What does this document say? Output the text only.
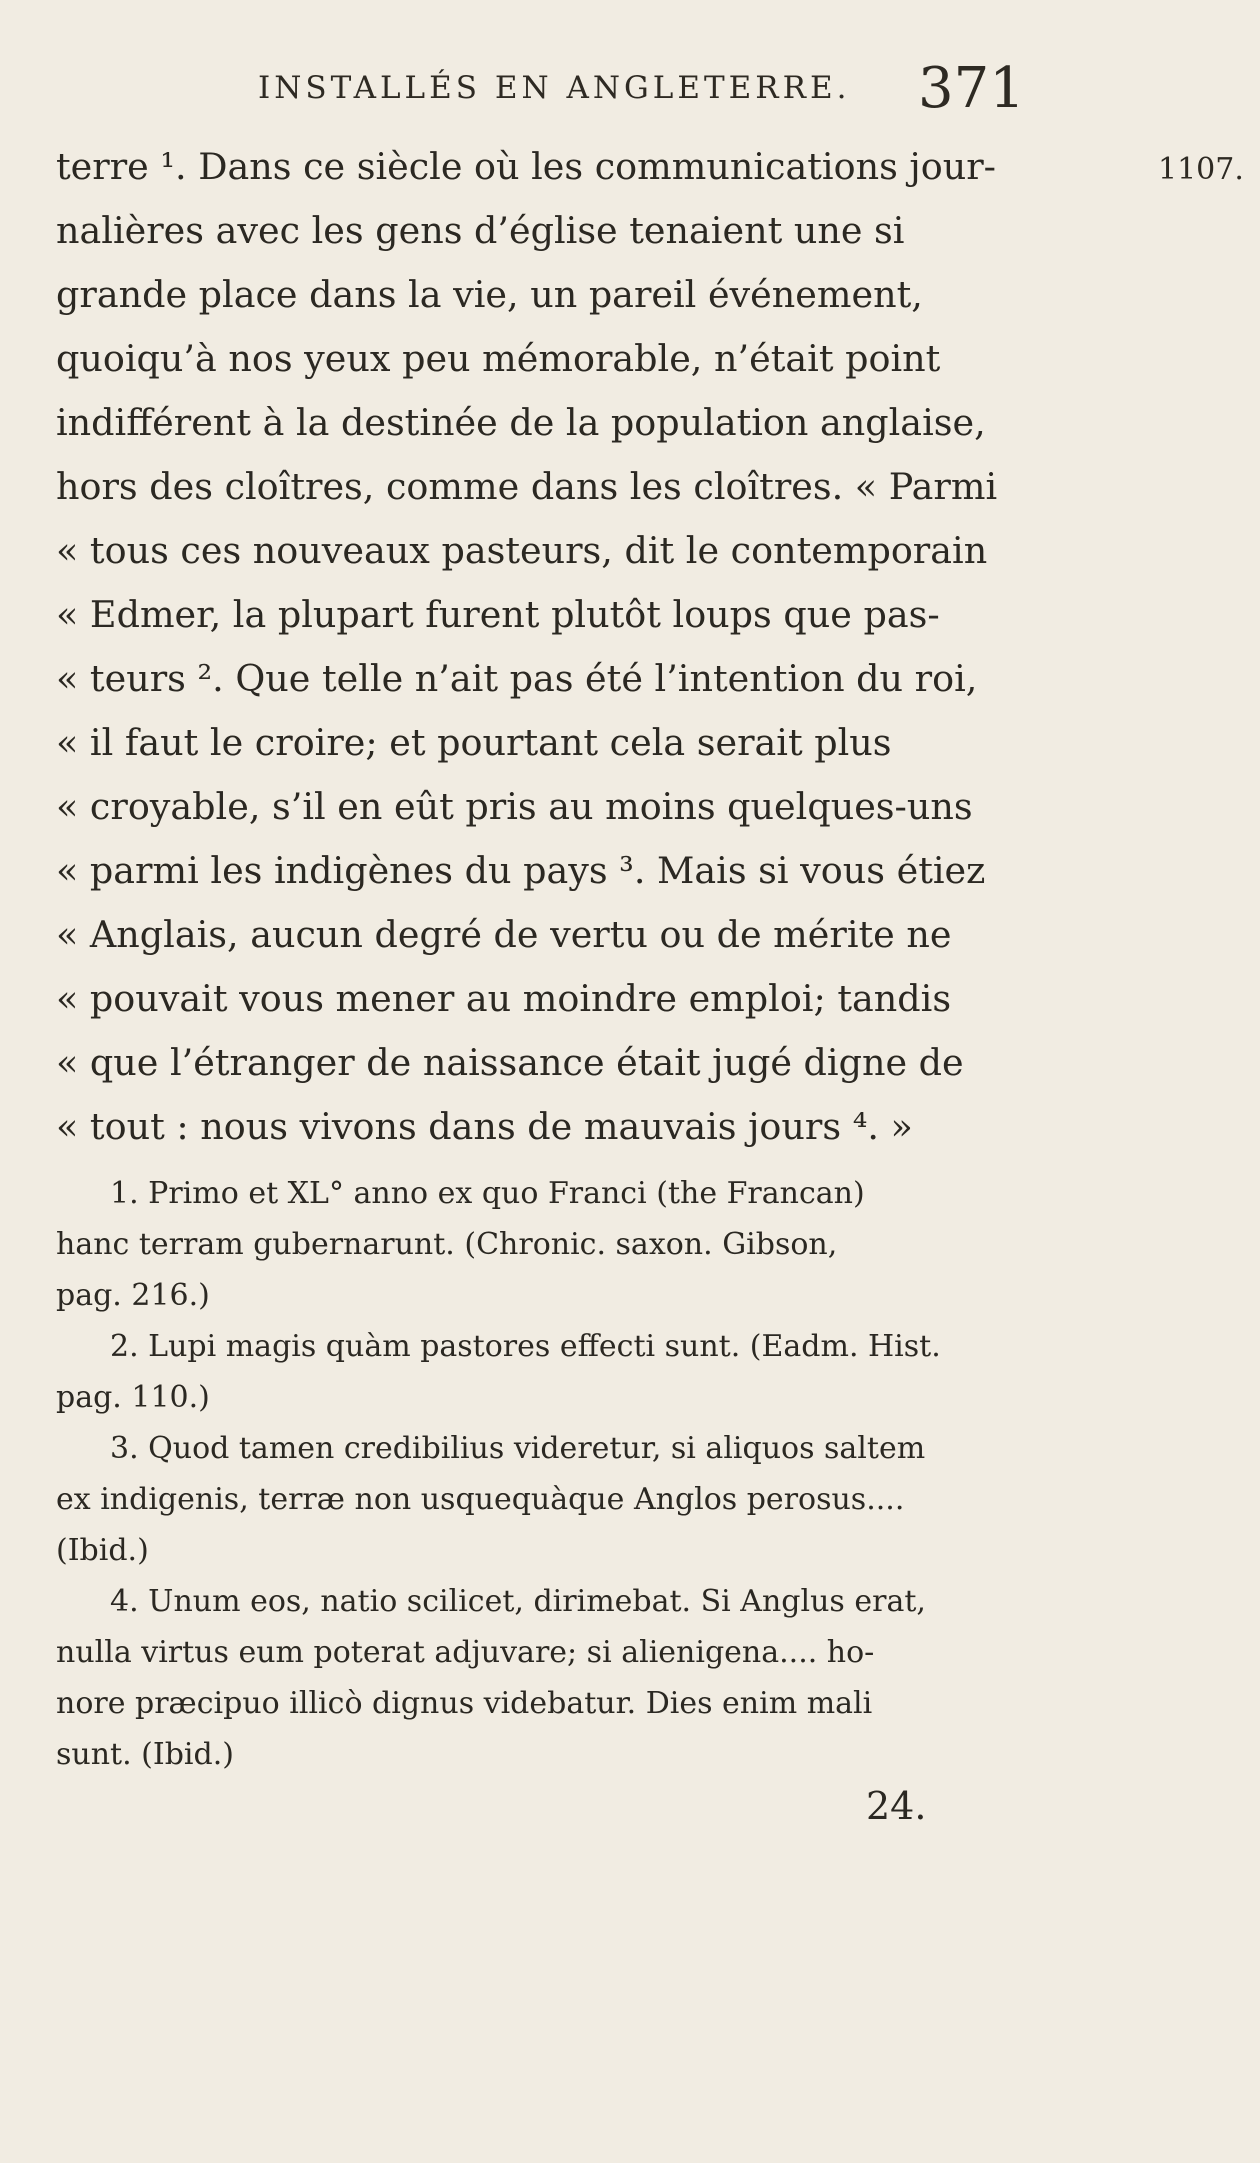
INSTALLÉS EN ANGLETERRE. 371
1107.
terre ¹. Dans ce siècle où les communications jour-
nalières avec les gens d’église tenaient une si
grande place dans la vie, un pareil événement,
quoiqu’à nos yeux peu mémorable, n’était point
indifférent à la destinée de la population anglaise,
hors des cloîtres, comme dans les cloîtres. « Parmi
« tous ces nouveaux pasteurs, dit le contemporain
« Edmer, la plupart furent plutôt loups que pas-
« teurs ². Que telle n’ait pas été l’intention du roi,
« il faut le croire; et pourtant cela serait plus
« croyable, s’il en eût pris au moins quelques-uns
« parmi les indigènes du pays ³. Mais si vous étiez
« Anglais, aucun degré de vertu ou de mérite ne
« pouvait vous mener au moindre emploi; tandis
« que l’étranger de naissance était jugé digne de
« tout : nous vivons dans de mauvais jours ⁴. »
1. Primo et XL° anno ex quo Franci (the Francan)
hanc terram gubernarunt. (Chronic. saxon. Gibson,
pag. 216.)
2. Lupi magis quàm pastores effecti sunt. (Eadm. Hist.
pag. 110.)
3. Quod tamen credibilius videretur, si aliquos saltem
ex indigenis, terræ non usquequàque Anglos perosus....
(Ibid.)
4. Unum eos, natio scilicet, dirimebat. Si Anglus erat,
nulla virtus eum poterat adjuvare; si alienigena.... ho-
nore præcipuo illicò dignus videbatur. Dies enim mali
sunt. (Ibid.)
24.
